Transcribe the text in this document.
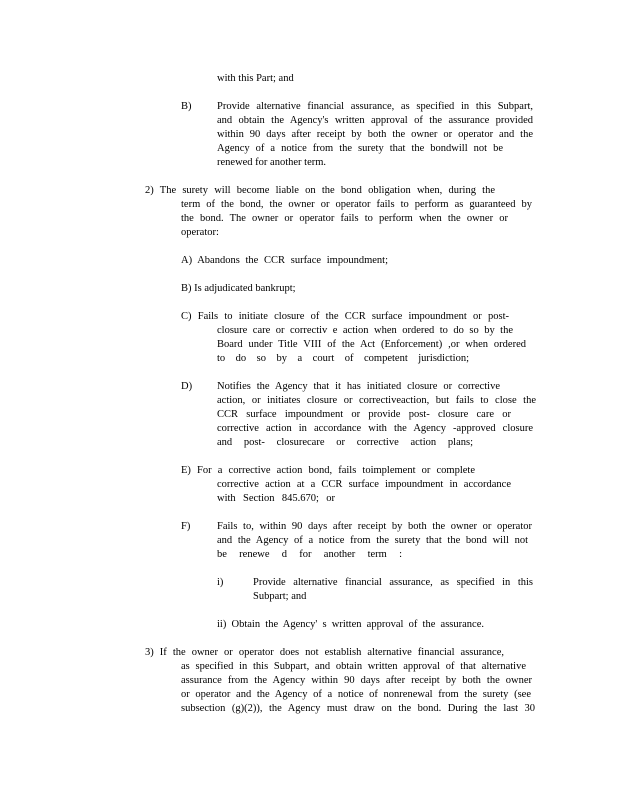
with this Part; and
B) Provide alternative financial assurance, as specified in this Subpart,
and obtain the Agency's written approval of the assurance provided
within 90 days after receipt by both the owner or operator and the
Agency of a notice from the surety that the bondwill not be
renewed for another term.
2) The surety will become liable on the bond obligation when, during the
term of the bond, the owner or operator fails to perform as guaranteed by
the bond. The owner or operator fails to perform when the owner or
operator:
A) Abandons the CCR surface impoundment;
B) Is adjudicated bankrupt;
C) Fails to initiate closure of the CCR surface impoundment or post-
closure care or correctiv e action when ordered to do so by the
Board under Title VIII of the Act (Enforcement) ,or when ordered
to do so by a court of competent jurisdiction;
D) Notifies the Agency that it has initiated closure or corrective
action, or initiates closure or correctiveaction, but fails to close the
CCR surface impoundment or provide post- closure care or
corrective action in accordance with the Agency -approved closure
and post- closurecare or corrective action plans;
E) For a corrective action bond, fails toimplement or complete
corrective action at a CCR surface impoundment in accordance
with Section 845.670; or
F)	Fails to, within 90 days after receipt by both the owner or operator
and the Agency of a notice from the surety that the bond will not
be renewe d for another term :
i)	Provide alternative financial assurance, as specified in this
Subpart; and
ii) Obtain the Agency' s written approval of the assurance.
3) If the owner or operator does not establish alternative financial assurance,
as specified in this Subpart, and obtain written approval of that alternative
assurance from the Agency within 90 days after receipt by both the owner
or operator and the Agency of a notice of nonrenewal from the surety (see
subsection (g)(2)), the Agency must draw on the bond. During the last 30
